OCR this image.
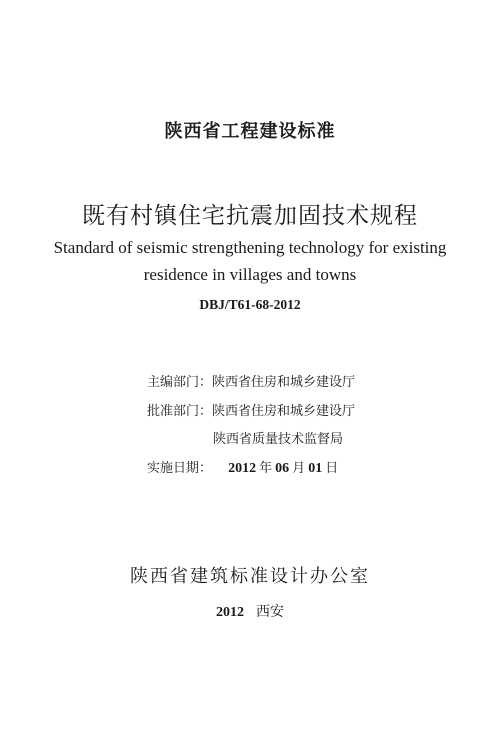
陕西省工程建设标准
既有村镇住宅抗震加固技术规程
Standard of seismic strengthening technology for existing
residence in villages and towns
DBJ/T61-68-2012
主编部门：陕西省住房和城乡建设厅
批准部门：陕西省住房和城乡建设厅
陕西省质量技术监督局
实施日期： 2012 年 06 月 01 日
陕西省建筑标准设计办公室
2012 西安
